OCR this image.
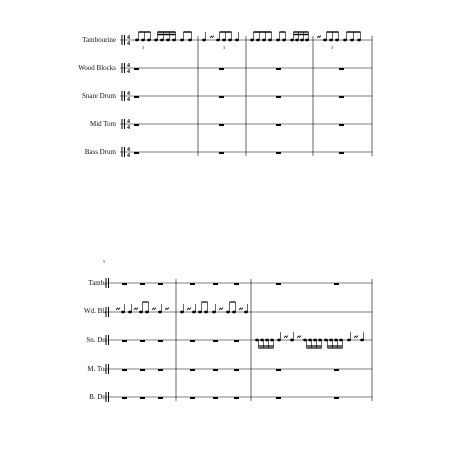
Tambourine
Wood Blocks
Snare Drum
Mid Tom
Bass Drum
Tamb.
Wd. Bl.
Sn. Dr.
M. To.
B. Dr.
4
4
4
4
4
4
4
4
4
4
3	3	3
5
